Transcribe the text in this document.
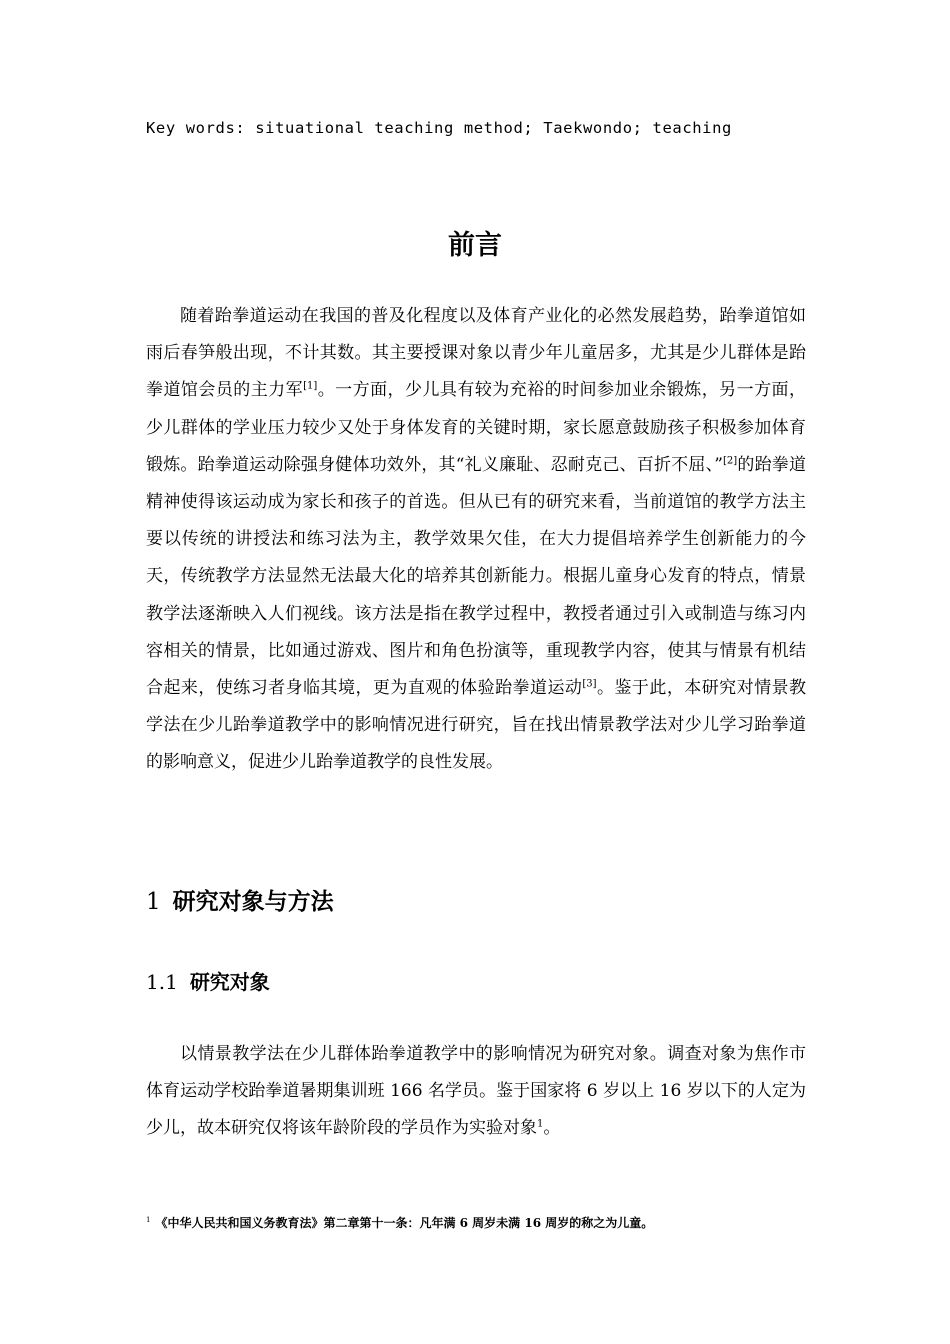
Key words: situational teaching method; Taekwondo; teaching
前言

随着跆拳道运动在我国的普及化程度以及体育产业化的必然发展趋势，跆拳道馆如雨后春笋般出现，不计其数。其主要授课对象以青少年儿童居多，尤其是少儿群体是跆拳道馆会员的主力军[1]。一方面，少儿具有较为充裕的时间参加业余锻炼，另一方面，少儿群体的学业压力较少又处于身体发育的关键时期，家长愿意鼓励孩子积极参加体育锻炼。跆拳道运动除强身健体功效外，其“礼义廉耻、忍耐克己、百折不屈、”[2]的跆拳道精神使得该运动成为家长和孩子的首选。但从已有的研究来看，当前道馆的教学方法主要以传统的讲授法和练习法为主，教学效果欠佳，在大力提倡培养学生创新能力的今天，传统教学方法显然无法最大化的培养其创新能力。根据儿童身心发育的特点，情景教学法逐渐映入人们视线。该方法是指在教学过程中，教授者通过引入或制造与练习内容相关的情景，比如通过游戏、图片和角色扮演等，重现教学内容，使其与情景有机结合起来，使练习者身临其境，更为直观的体验跆拳道运动[3]。鉴于此，本研究对情景教学法在少儿跆拳道教学中的影响情况进行研究，旨在找出情景教学法对少儿学习跆拳道的影响意义，促进少儿跆拳道教学的良性发展。

1 研究对象与方法
1.1 研究对象

以情景教学法在少儿群体跆拳道教学中的影响情况为研究对象。调查对象为焦作市体育运动学校跆拳道暑期集训班 166 名学员。鉴于国家将 6 岁以上 16 岁以下的人定为少儿，故本研究仅将该年龄阶段的学员作为实验对象$^1$。

$^1$ 《中华人民共和国义务教育法》第二章第十一条：凡年满 6 周岁未满 16 周岁的称之为儿童。
